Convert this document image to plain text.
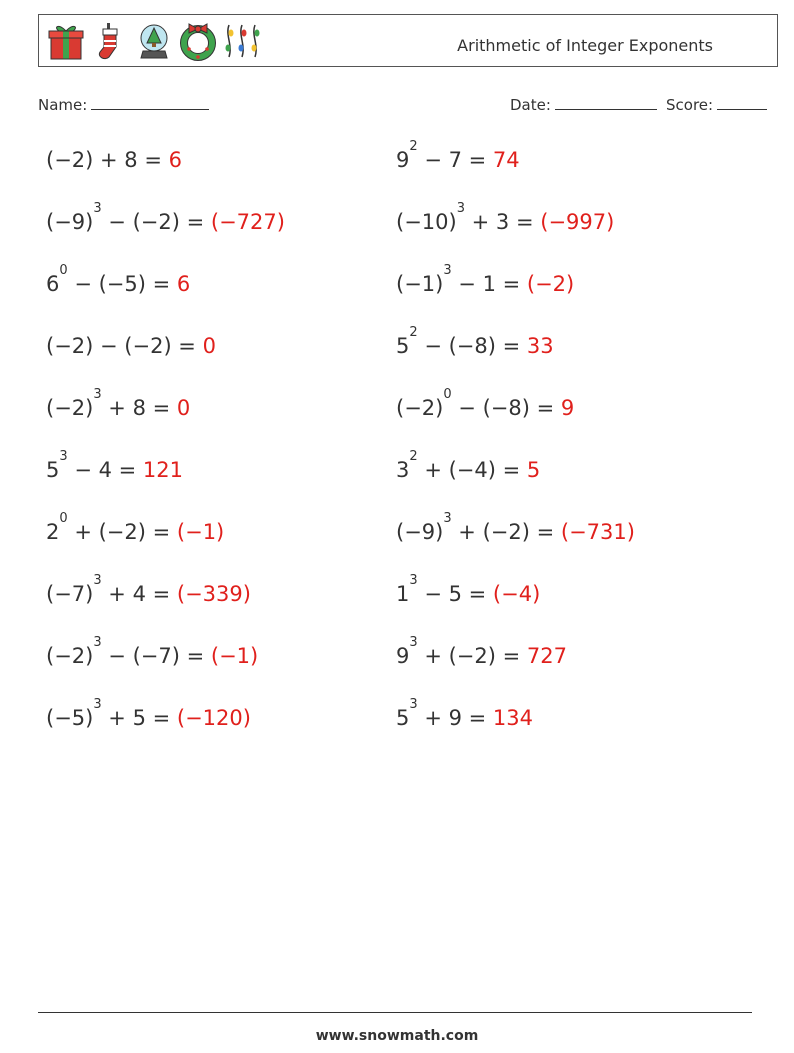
Arithmetic of Integer Exponents
Name:	Date:	Score:
(−2) + 8 = 6	$9^2 - 7 = 74$
$(-9)^3 - (-2) = (-727)$	$(-10)^3 + 3 = (-997)$
$6^0 - (-5) = 6$	$(-1)^3 - 1 = (-2)$
(−2) − (−2) = 0	$5^2 - (-8) = 33$
$(-2)^3 + 8 = 0$	$(-2)^0 - (-8) = 9$
$5^3 - 4 = 121$	$3^2 + (-4) = 5$
$2^0 + (-2) = (-1)$	$(-9)^3 + (-2) = (-731)$
$(-7)^3 + 4 = (-339)$	$1^3 - 5 = (-4)$
$(-2)^3 - (-7) = (-1)$	$9^3 + (-2) = 727$
$(-5)^3 + 5 = (-120)$	$5^3 + 9 = 134$
www.snowmath.com
